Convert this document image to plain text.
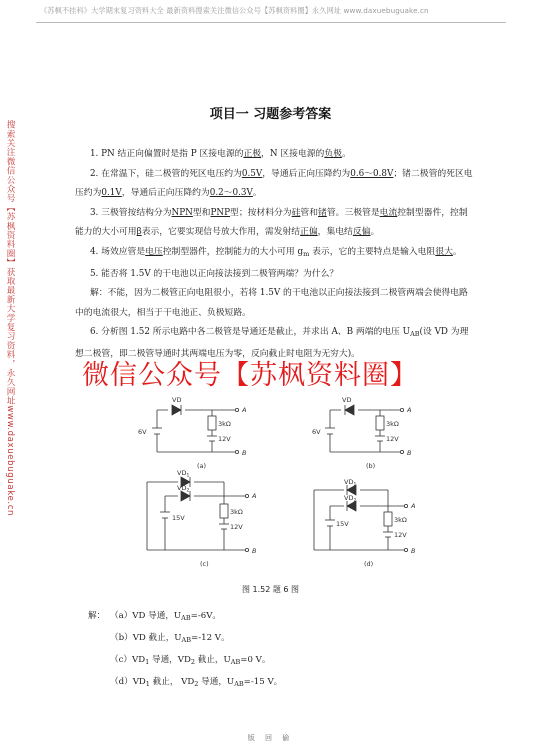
《苏枫不挂科》大学期末复习资料大全 最新资料搜索关注微信公众号【苏枫资料圈】永久网址 www.daxuebuguake.cn
搜索关注微信公众号【苏枫资料圈】获取最新大学复习资料，永久网址www.daxuebuguake.cn
项目一 习题参考答案

1. PN 结正向偏置时是指 P 区接电源的正极，N 区接电源的负极。

2. 在常温下，硅二极管的死区电压约为0.5V，导通后正向压降约为0.6～0.8V；锗二极管的死区电压约为0.1V，导通后正向压降约为0.2～0.3V。

3. 三极管按结构分为NPN型和PNP型；按材料分为硅管和锗管。三极管是电流控制型器件，控制能力的大小可用β表示，它要实现信号放大作用，需发射结正偏，集电结反偏。

4. 场效应管是电压控制型器件，控制能力的大小可用 $g_m$ 表示，它的主要特点是输入电阻很大。

5. 能否将 1.5V 的干电池以正向接法接到二极管两端？为什么？

解：不能，因为二极管正向电阻很小，若将 1.5V 的干电池以正向接法接到二极管两端会使得电路中的电流很大，相当于干电池正、负极短路。

6. 分析图 1.52 所示电路中各二极管是导通还是截止，并求出 A、B 两端的电压 $U_{AB}$(设 VD 为理想二极管，即二极管导通时其两端电压为零，反向截止时电阻为无穷大)。

微信公众号【苏枫资料圈】
VD
6V
3kΩ
12V
A
B
(a)
VD
6V
3kΩ
12V
A
B
(b)
$VD_1$
$VD_2$
15V
3kΩ
12V
A
B
(c)
$VD_1$
$VD_2$
15V	3kΩ
12V
A
B
(d)
图 1.52 题 6 图
解： （a）VD 导通，$U_{AB}=-6V$。
（b）VD 截止，$U_{AB}=-12$ V。
$(c)VD_1$ 导通，$VD_2$ 截止，$U_{AB}=0$ V。
$(d)VD_1$ 截止， $VD_2$ 导通，$U_{AB}=-15$ V。
版 回 偷
